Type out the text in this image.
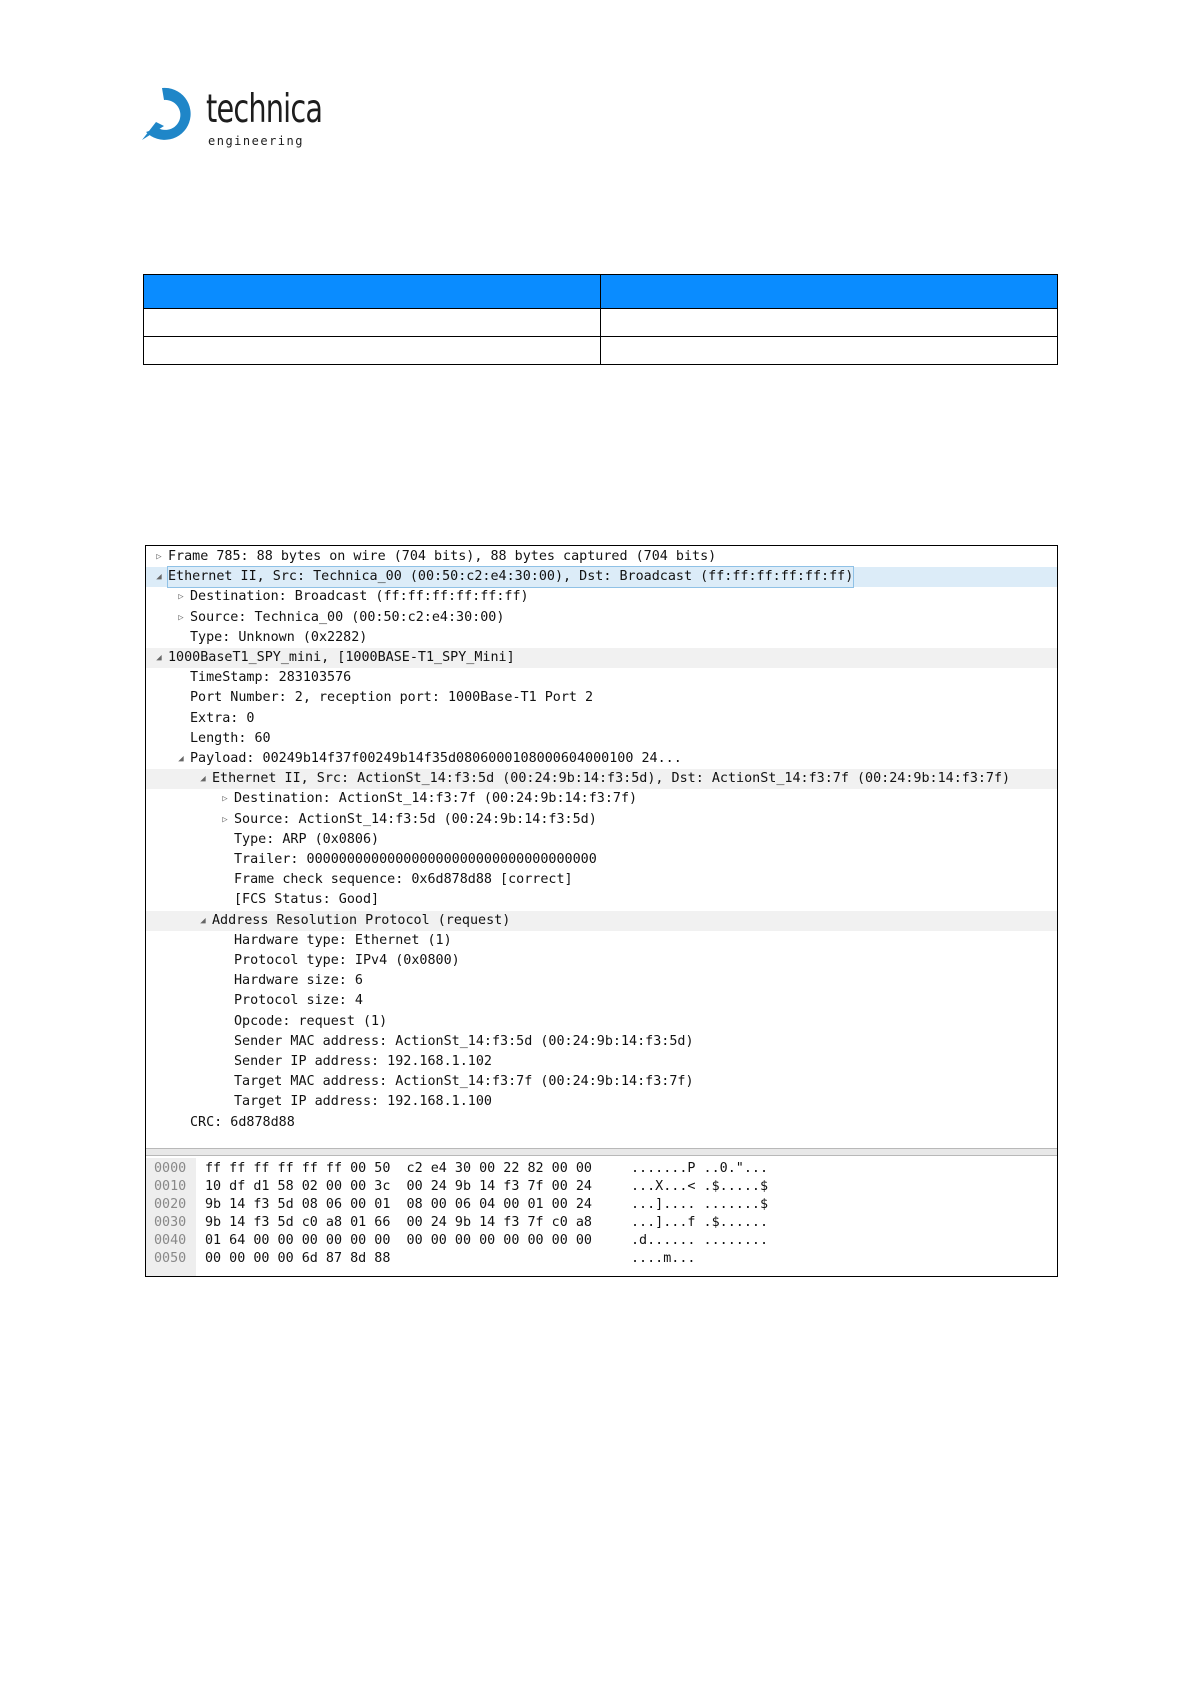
technica
engineering

▷ Frame 785: 88 bytes on wire (704 bits), 88 bytes captured (704 bits)
◢ Ethernet II, Src: Technica_00 (00:50:c2:e4:30:00), Dst: Broadcast (ff:ff:ff:ff:ff:ff)
▷ Destination: Broadcast (ff:ff:ff:ff:ff:ff)
▷ Source: Technica_00 (00:50:c2:e4:30:00)
Type: Unknown (0x2282)
◢ 1000BaseT1_SPY_mini, [1000BASE-T1_SPY_Mini]
TimeStamp: 283103576
Port Number: 2, reception port: 1000Base-T1 Port 2
Extra: 0
Length: 60
◢ Payload: 00249b14f37f00249b14f35d0806000108000604000100 24...
◢ Ethernet II, Src: ActionSt_14:f3:5d (00:24:9b:14:f3:5d), Dst: ActionSt_14:f3:7f (00:24:9b:14:f3:7f)
▷ Destination: ActionSt_14:f3:7f (00:24:9b:14:f3:7f)
▷ Source: ActionSt_14:f3:5d (00:24:9b:14:f3:5d)
Type: ARP (0x0806)
Trailer: 000000000000000000000000000000000000
Frame check sequence: 0x6d878d88 [correct]
[FCS Status: Good]
◢ Address Resolution Protocol (request)
Hardware type: Ethernet (1)
Protocol type: IPv4 (0x0800)
Hardware size: 6
Protocol size: 4
Opcode: request (1)
Sender MAC address: ActionSt_14:f3:5d (00:24:9b:14:f3:5d)
Sender IP address: 192.168.1.102
Target MAC address: ActionSt_14:f3:7f (00:24:9b:14:f3:7f)
Target IP address: 192.168.1.100
CRC: 6d878d88
0000 ff ff ff ff ff ff 00 50  c2 e4 30 00 22 82 00 00	.......P ..0."...
0010 10 df d1 58 02 00 00 3c  00 24 9b 14 f3 7f 00 24	...X...< .$.....$
0020 9b 14 f3 5d 08 06 00 01  08 00 06 04 00 01 00 24	...].... .......$
0030 9b 14 f3 5d c0 a8 01 66  00 24 9b 14 f3 7f c0 a8	...]...f .$......
0040 01 64 00 00 00 00 00 00  00 00 00 00 00 00 00 00	.d...... ........
0050 00 00 00 00 6d 87 8d 88	....m...
